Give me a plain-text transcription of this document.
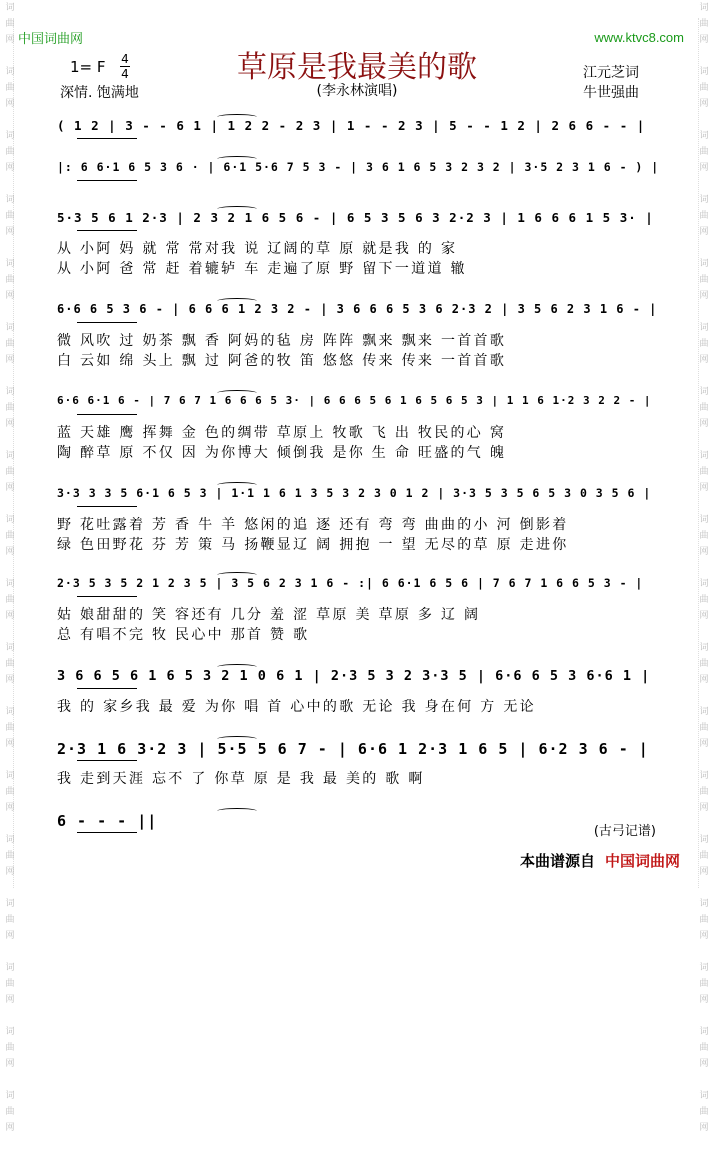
中国词曲网	www.ktvc8.com
草原是我最美的歌
(李永林演唱)
1= F 4
4
深情. 饱满地
江元芝词
牛世强曲
( 1 2 | 3 - - 6 1 | 1 2 2 - 2 3 | 1 - - 2 3 | 5 - - 1 2 | 2 6 6 - - |
|: 6 6·1 6 5 3 6 · | 6·1 5·6 7 5 3 - | 3 6 1 6 5 3 2 3 2 | 3·5 2 3 1 6 - ) |
5·3 5 6 1 2·3 | 2 3 2 1 6 5 6 - | 6 5 3 5 6 3 2·2 3 | 1 6 6 6 1 5 3· |
从 小阿 妈 就 常 常对我 说 辽阔的草 原 就是我 的 家
从 小阿 爸 常 赶 着辘轳 车 走遍了原 野 留下一道道 辙
6·6 6 5 3 6 - | 6 6 6 1 2 3 2 - | 3 6 6 6 5 3 6 2·3 2 | 3 5 6 2 3 1 6 - |
微 风吹 过 奶茶 飘 香 阿妈的毡 房 阵阵 飘来 飘来 一首首歌
白 云如 绵 头上 飘 过 阿爸的牧 笛 悠悠 传来 传来 一首首歌
6·6 6·1 6 - | 7 6 7 1 6 6 6 5 3· | 6 6 6 5 6 1 6 5 6 5 3 | 1 1 6 1·2 3 2 2 - |
蓝 天雄 鹰 挥舞 金 色的绸带 草原上 牧歌 飞 出 牧民的心 窝
陶 醉草 原 不仅 因 为你博大 倾倒我 是你 生 命 旺盛的气 魄
3·3 3 3 5 6·1 6 5 3 | 1·1 1 6 1 3 5 3 2 3 0 1 2 | 3·3 5 3 5 6 5 3 0 3 5 6 |
野 花吐露着 芳 香 牛 羊 悠闲的追 逐 还有 弯 弯 曲曲的小 河 倒影着
绿 色田野花 芬 芳 策 马 扬鞭显辽 阔 拥抱 一 望 无尽的草 原 走进你
2·3 5 3 5 2 1 2 3 5 | 3 5 6 2 3 1 6 - :| 6 6·1 6 5 6 | 7 6 7 1 6 6 5 3 - |
姑 娘甜甜的 笑 容还有 几分 羞 涩 草原 美 草原 多 辽 阔
总 有唱不完 牧 民心中 那首 赞 歌
3 6 6 5 6 1 6 5 3 2 1 0 6 1 | 2·3 5 3 2 3·3 5 | 6·6 6 5 3 6·6 1 |
我 的 家乡我 最 爱 为你 唱 首 心中的歌 无论 我 身在何 方 无论
2·3 1 6 3·2 3 | 5·5 5 6 7 - | 6·6 1 2·3 1 6 5 | 6·2 3 6 - |
我 走到天涯 忘不 了 你草 原 是 我 最 美的 歌 啊
6 - - - ||
(古弓记谱)
本曲谱源自 中国词曲网
词
曲
网

词
曲
网

词
曲
网

词
曲
网

词
曲
网

词
曲
网

词
曲
网

词
曲
网

词
曲
网

词
曲
网

词
曲
网

词
曲
网

词
曲
网

词
曲
网

词
曲
网

词
曲
网

词
曲
网

词
曲
网

词
曲
网

词
曲
网

词
曲
网

词
曲
网

词
曲
网

词
曲
网

词
曲
网

词
曲
网

词
曲
网

词
曲
网

词
曲
网

词
曲
网

词
曲
网

词
曲
网

词
曲
网

词
曲
网

词
曲
网

词
曲
网
